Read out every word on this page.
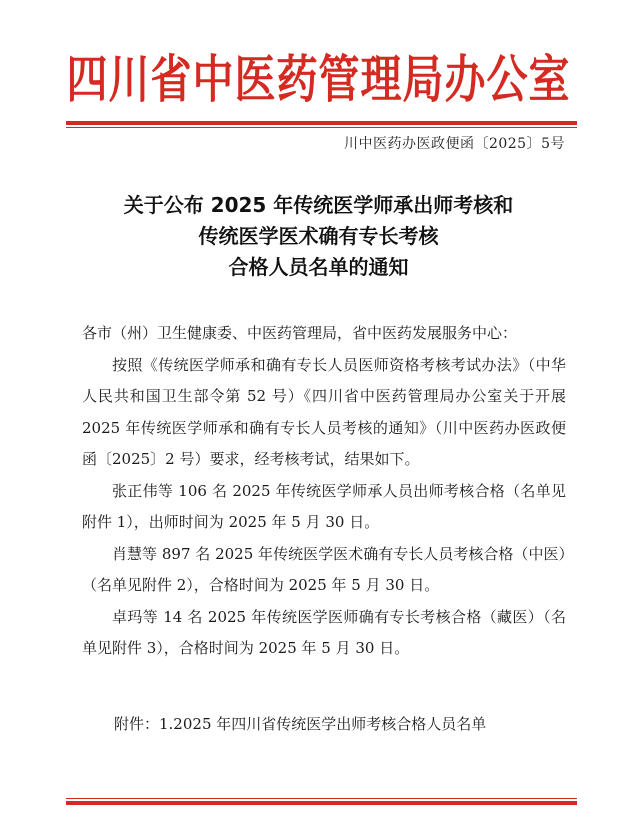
四川省中医药管理局办公室
川中医药办医政便函〔2025〕5号
关于公布 2025 年传统医学师承出师考核和
传统医学医术确有专长考核
合格人员名单的通知

各市（州）卫生健康委、中医药管理局，省中医药发展服务中心：

按照《传统医学师承和确有专长人员医师资格考核考试办法》（中华人民共和国卫生部令第 52 号）《四川省中医药管理局办公室关于开展 2025 年传统医学师承和确有专长人员考核的通知》（川中医药办医政便函〔2025〕2 号）要求，经考核考试，结果如下。

张正伟等 106 名 2025 年传统医学师承人员出师考核合格（名单见附件 1），出师时间为 2025 年 5 月 30 日。

肖慧等 897 名 2025 年传统医学医术确有专长人员考核合格（中医）（名单见附件 2），合格时间为 2025 年 5 月 30 日。

卓玛等 14 名 2025 年传统医学医师确有专长考核合格（藏医）（名单见附件 3），合格时间为 2025 年 5 月 30 日。

附件：1.2025 年四川省传统医学出师考核合格人员名单
